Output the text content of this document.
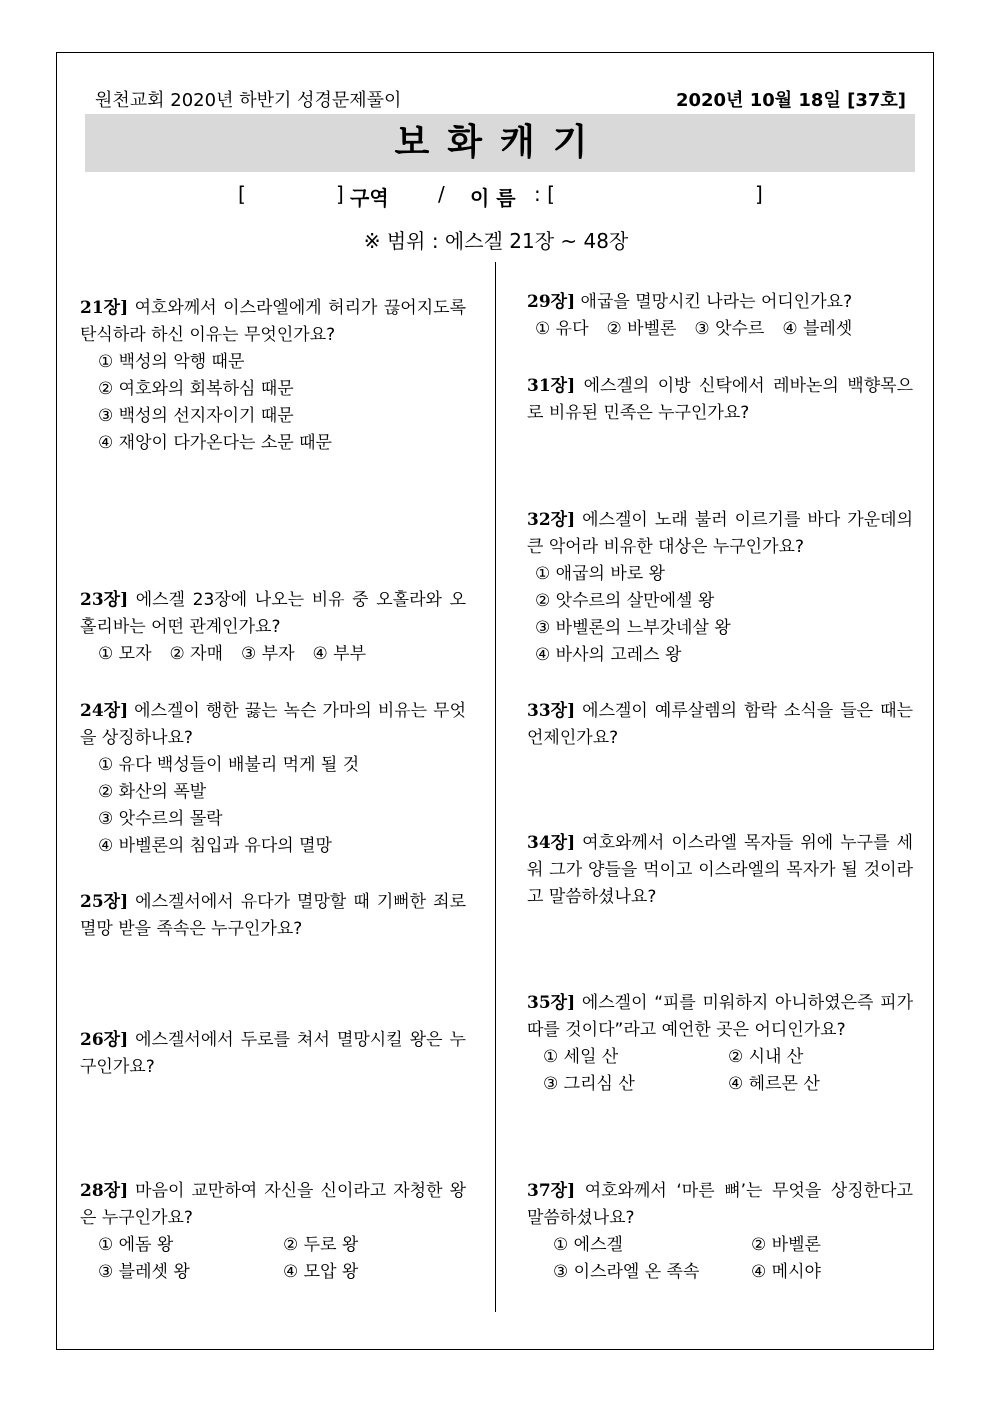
원천교회 2020년 하반기 성경문제풀이	2020년 10월 18일 [37호]
보화캐기
[	] 구역 / 이 름 : [	]
※ 범위 : 에스겔 21장 ~ 48장
21장] 여호와께서 이스라엘에게 허리가 끊어지도록 탄식하라 하신 이유는 무엇인가요?
① 백성의 악행 때문
② 여호와의 회복하심 때문
③ 백성의 선지자이기 때문
④ 재앙이 다가온다는 소문 때문
23장] 에스겔 23장에 나오는 비유 중 오홀라와 오홀리바는 어떤 관계인가요?
① 모자 ② 자매 ③ 부자 ④ 부부
24장] 에스겔이 행한 끓는 녹슨 가마의 비유는 무엇을 상징하나요?
① 유다 백성들이 배불리 먹게 될 것
② 화산의 폭발
③ 앗수르의 몰락
④ 바벨론의 침입과 유다의 멸망
25장] 에스겔서에서 유다가 멸망할 때 기뻐한 죄로 멸망 받을 족속은 누구인가요?
26장] 에스겔서에서 두로를 쳐서 멸망시킬 왕은 누구인가요?
28장] 마음이 교만하여 자신을 신이라고 자청한 왕은 누구인가요?
① 에돔 왕	② 두로 왕
③ 블레셋 왕	④ 모압 왕
29장] 애굽을 멸망시킨 나라는 어디인가요?
① 유다 ② 바벨론 ③ 앗수르 ④ 블레셋
31장] 에스겔의 이방 신탁에서 레바논의 백향목으로 비유된 민족은 누구인가요?
32장] 에스겔이 노래 불러 이르기를 바다 가운데의 큰 악어라 비유한 대상은 누구인가요?
① 애굽의 바로 왕
② 앗수르의 살만에셀 왕
③ 바벨론의 느부갓네살 왕
④ 바사의 고레스 왕
33장] 에스겔이 예루살렘의 함락 소식을 들은 때는 언제인가요?
34장] 여호와께서 이스라엘 목자들 위에 누구를 세워 그가 양들을 먹이고 이스라엘의 목자가 될 것이라고 말씀하셨나요?
35장] 에스겔이 “피를 미워하지 아니하였은즉 피가 따를 것이다”라고 예언한 곳은 어디인가요?
① 세일 산	② 시내 산
③ 그리심 산	④ 헤르몬 산
37장] 여호와께서 ‘마른 뼈’는 무엇을 상징한다고 말씀하셨나요?
① 에스겔	② 바벨론
③ 이스라엘 온 족속	④ 메시야
